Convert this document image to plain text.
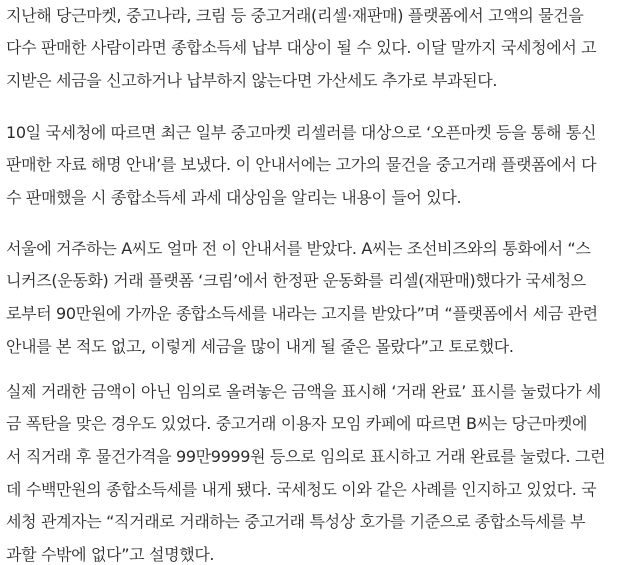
지난해 당근마켓, 중고나라, 크림 등 중고거래(리셀·재판매) 플랫폼에서 고액의 물건을
다수 판매한 사람이라면 종합소득세 납부 대상이 될 수 있다. 이달 말까지 국세청에서 고
지받은 세금을 신고하거나 납부하지 않는다면 가산세도 추가로 부과된다.
10일 국세청에 따르면 최근 일부 중고마켓 리셀러를 대상으로 ‘오픈마켓 등을 통해 통신
판매한 자료 해명 안내’를 보냈다. 이 안내서에는 고가의 물건을 중고거래 플랫폼에서 다
수 판매했을 시 종합소득세 과세 대상임을 알리는 내용이 들어 있다.
서울에 거주하는 A씨도 얼마 전 이 안내서를 받았다. A씨는 조선비즈와의 통화에서 “스
니커즈(운동화) 거래 플랫폼 ‘크림’에서 한정판 운동화를 리셀(재판매)했다가 국세청으
로부터 90만원에 가까운 종합소득세를 내라는 고지를 받았다”며 “플랫폼에서 세금 관련
안내를 본 적도 없고, 이렇게 세금을 많이 내게 될 줄은 몰랐다”고 토로했다.
실제 거래한 금액이 아닌 임의로 올려놓은 금액을 표시해 ‘거래 완료’ 표시를 눌렀다가 세
금 폭탄을 맞은 경우도 있었다. 중고거래 이용자 모임 카페에 따르면 B씨는 당근마켓에
서 직거래 후 물건가격을 99만9999원 등으로 임의로 표시하고 거래 완료를 눌렀다. 그런
데 수백만원의 종합소득세를 내게 됐다. 국세청도 이와 같은 사례를 인지하고 있었다. 국
세청 관계자는 “직거래로 거래하는 중고거래 특성상 호가를 기준으로 종합소득세를 부
과할 수밖에 없다”고 설명했다.
